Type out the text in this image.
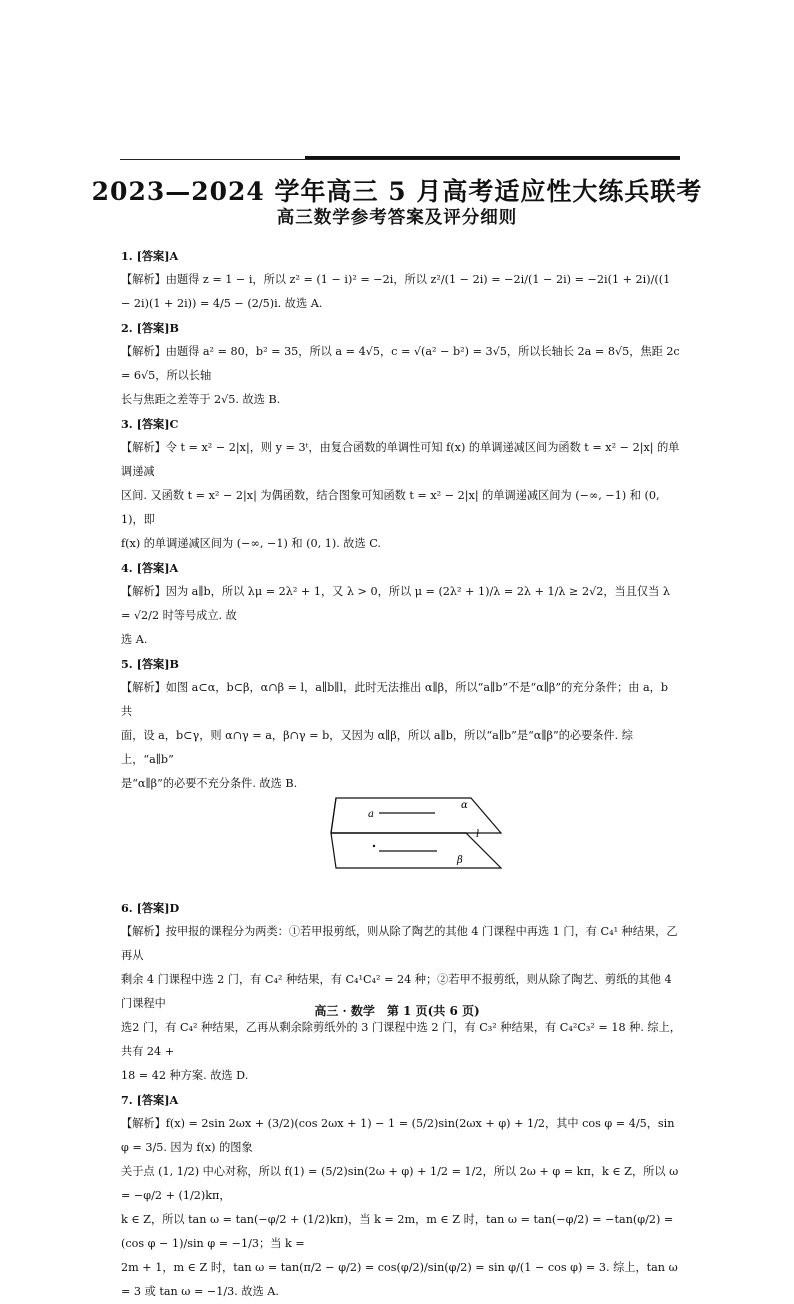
2023—2024 学年高三 5 月高考适应性大练兵联考
高三数学参考答案及评分细则

1. [答案]A

【解析】由题得 z = 1 − i，所以 z² = (1 − i)² = −2i，所以 z²/(1 − 2i) = −2i/(1 − 2i) = −2i(1 + 2i)/((1 − 2i)(1 + 2i)) = 4/5 − (2/5)i. 故选 A.

2. [答案]B

【解析】由题得 a² = 80，b² = 35，所以 a = 4√5，c = √(a² − b²) = 3√5，所以长轴长 2a = 8√5，焦距 2c = 6√5，所以长轴

长与焦距之差等于 2√5. 故选 B.

3. [答案]C

【解析】令 t = x² − 2|x|，则 y = 3ᵗ，由复合函数的单调性可知 f(x) 的单调递减区间为函数 t = x² − 2|x| 的单调递减

区间. 又函数 t = x² − 2|x| 为偶函数，结合图象可知函数 t = x² − 2|x| 的单调递减区间为 (−∞, −1) 和 (0, 1)，即

f(x) 的单调递减区间为 (−∞, −1) 和 (0, 1). 故选 C.

4. [答案]A

【解析】因为 a∥b，所以 λμ = 2λ² + 1，又 λ > 0，所以 μ = (2λ² + 1)/λ = 2λ + 1/λ ≥ 2√2，当且仅当 λ = √2/2 时等号成立. 故

选 A.

5. [答案]B

【解析】如图 a⊂α，b⊂β，α∩β = l，a∥b∥l，此时无法推出 α∥β，所以“a∥b”不是“α∥β”的充分条件；由 a，b 共

面，设 a，b⊂γ，则 α∩γ = a，β∩γ = b，又因为 α∥β，所以 a∥b，所以“a∥b”是“α∥β”的必要条件. 综上，“a∥b”

是“α∥β”的必要不充分条件. 故选 B.

a
α
l
β

6. [答案]D

【解析】按甲报的课程分为两类：①若甲报剪纸，则从除了陶艺的其他 4 门课程中再选 1 门，有 C₄¹ 种结果，乙再从

剩余 4 门课程中选 2 门，有 C₄² 种结果，有 C₄¹C₄² = 24 种；②若甲不报剪纸，则从除了陶艺、剪纸的其他 4 门课程中

选2 门，有 C₄² 种结果，乙再从剩余除剪纸外的 3 门课程中选 2 门，有 C₃² 种结果，有 C₄²C₃² = 18 种. 综上，共有 24 +

18 = 42 种方案. 故选 D.

7. [答案]A

【解析】f(x) = 2sin 2ωx + (3/2)(cos 2ωx + 1) − 1 = (5/2)sin(2ωx + φ) + 1/2，其中 cos φ = 4/5，sin φ = 3/5. 因为 f(x) 的图象

关于点 (1, 1/2) 中心对称，所以 f(1) = (5/2)sin(2ω + φ) + 1/2 = 1/2，所以 2ω + φ = kπ，k ∈ Z，所以 ω = −φ/2 + (1/2)kπ，

k ∈ Z，所以 tan ω = tan(−φ/2 + (1/2)kπ)，当 k = 2m，m ∈ Z 时，tan ω = tan(−φ/2) = −tan(φ/2) = (cos φ − 1)/sin φ = −1/3；当 k =

2m + 1，m ∈ Z 时，tan ω = tan(π/2 − φ/2) = cos(φ/2)/sin(φ/2) = sin φ/(1 − cos φ) = 3. 综上，tan ω = 3 或 tan ω = −1/3. 故选 A.

高三 · 数学　第 1 页(共 6 页)
